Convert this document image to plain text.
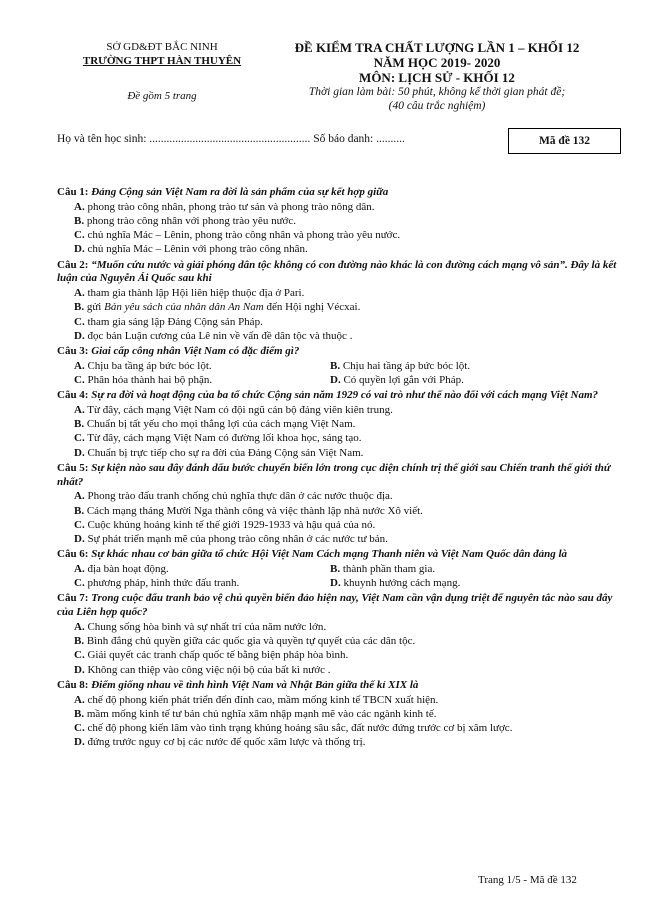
SỞ GD&ĐT BẮC NINH
TRƯỜNG THPT HÀN THUYÊN
Đề gồm 5 trang
ĐỀ KIỂM TRA CHẤT LƯỢNG LẦN 1 – KHỐI 12
NĂM HỌC 2019- 2020
MÔN: LỊCH SỬ - KHỐI 12
Thời gian làm bài: 50 phút, không kể thời gian phát đề;
(40 câu trắc nghiệm)
Họ và tên học sinh: ........................................................ Số báo danh: ..........	Mã đề 132
Câu 1: Đảng Cộng sản Việt Nam ra đời là sản phẩm của sự kết hợp giữa
A. phong trào công nhân, phong trào tư sản và phong trào nông dân.
B. phong trào công nhân với phong trào yêu nước.
C. chủ nghĩa Mác – Lênin, phong trào công nhân và phong trào yêu nước.
D. chủ nghĩa Mác – Lênin với phong trào công nhân.
Câu 2: “Muốn cứu nước và giải phóng dân tộc không có con đường nào khác là con đường cách mạng vô sản”. Đây là kết luận của Nguyễn Ái Quốc sau khi
A. tham gia thành lập Hội liên hiệp thuộc địa ở Pari.
B. gửi Bản yêu sách của nhân dân An Nam đến Hội nghị Vécxai.
C. tham gia sáng lập Đảng Cộng sản Pháp.
D. đọc bản Luận cương của Lê nin về vấn đề dân tộc và thuộc .
Câu 3: Giai cấp công nhân Việt Nam có đặc điểm gì?
A. Chịu ba tầng áp bức bóc lột.	B. Chịu hai tầng áp bức bóc lột.
C. Phân hóa thành hai bộ phận.	D. Có quyền lợi gắn với Pháp.
Câu 4: Sự ra đời và hoạt động của ba tổ chức Cộng sản năm 1929 có vai trò như thế nào đối với cách mạng Việt Nam?
A. Từ đây, cách mạng Việt Nam có đội ngũ cán bộ đảng viên kiên trung.
B. Chuẩn bị tất yếu cho mọi thắng lợi của cách mạng Việt Nam.
C. Từ đây, cách mạng Việt Nam có đường lối khoa học, sáng tạo.
D. Chuẩn bị trực tiếp cho sự ra đời của Đảng Cộng sản Việt Nam.
Câu 5: Sự kiện nào sau đây đánh dấu bước chuyển biến lớn trong cục diện chính trị thế giới sau Chiến tranh thế giới thứ nhất?
A. Phong trào đấu tranh chống chủ nghĩa thực dân ở các nước thuộc địa.
B. Cách mạng tháng Mười Nga thành công và việc thành lập nhà nước Xô viết.
C. Cuộc khủng hoảng kinh tế thế giới 1929-1933 và hậu quả của nó.
D. Sự phát triển mạnh mẽ của phong trào công nhân ở các nước tư bản.
Câu 6: Sự khác nhau cơ bản giữa tổ chức Hội Việt Nam Cách mạng Thanh niên và Việt Nam Quốc dân đảng là
A. địa bàn hoạt động.	B. thành phần tham gia.
C. phương pháp, hình thức đấu tranh.	D. khuynh hướng cách mạng.
Câu 7: Trong cuộc đấu tranh bảo vệ chủ quyền biển đảo hiện nay, Việt Nam cần vận dụng triệt để nguyên tắc nào sau đây của Liên hợp quốc?
A. Chung sống hòa bình và sự nhất trí của năm nước lớn.
B. Bình đẳng chủ quyền giữa các quốc gia và quyền tự quyết của các dân tộc.
C. Giải quyết các tranh chấp quốc tế bằng biện pháp hòa bình.
D. Không can thiệp vào công việc nội bộ của bất kì nước .
Câu 8: Điểm giống nhau về tình hình Việt Nam và Nhật Bản giữa thế kỉ XIX là
A. chế độ phong kiến phát triển đến đỉnh cao, mầm mống kinh tế TBCN xuất hiện.
B. mầm mống kinh tế tư bản chủ nghĩa xâm nhập mạnh mẽ vào các ngành kinh tế.
C. chế độ phong kiến lâm vào tình trạng khủng hoảng sâu sắc, đất nước đứng trước cơ bị xâm lược.
D. đứng trước nguy cơ bị các nước đế quốc xâm lược và thống trị.
Trang 1/5 - Mã đề 132
